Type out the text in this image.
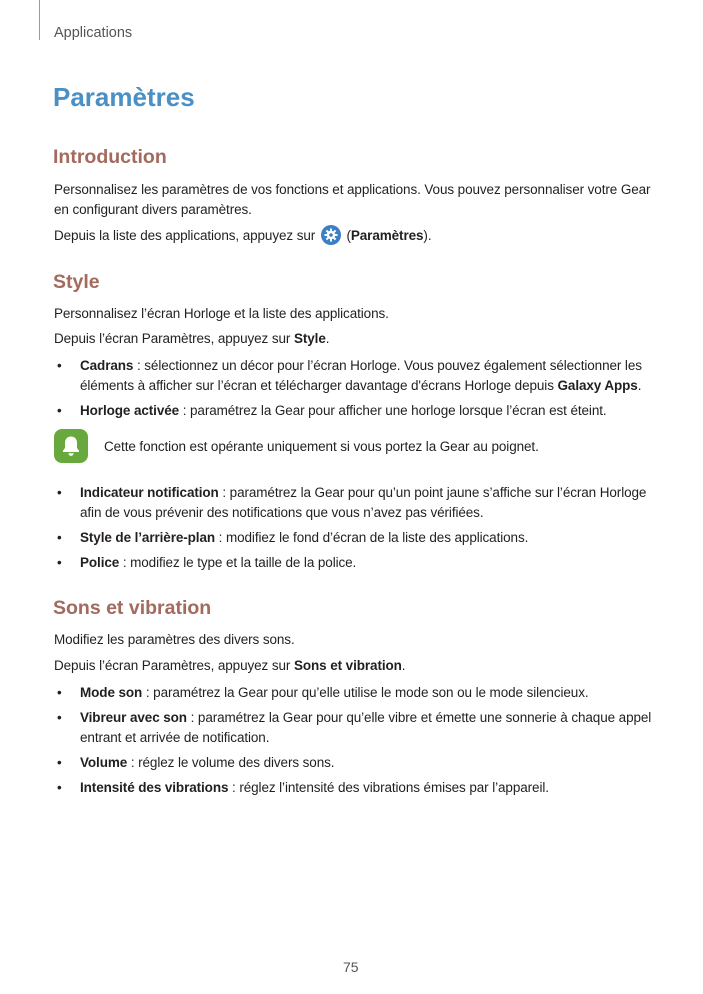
Applications
Paramètres
Introduction

Personnalisez les paramètres de vos fonctions et applications. Vous pouvez personnaliser votre Gear en configurant divers paramètres.

Depuis la liste des applications, appuyez sur
(Paramètres).

Style

Personnalisez l’écran Horloge et la liste des applications.

Depuis l’écran Paramètres, appuyez sur Style.

• Cadrans : sélectionnez un décor pour l’écran Horloge. Vous pouvez également sélectionner les éléments à afficher sur l’écran et télécharger davantage d'écrans Horloge depuis Galaxy Apps.
• Horloge activée : paramétrez la Gear pour afficher une horloge lorsque l’écran est éteint.
Cette fonction est opérante uniquement si vous portez la Gear au poignet.
• Indicateur notification : paramétrez la Gear pour qu’un point jaune s’affiche sur l’écran Horloge afin de vous prévenir des notifications que vous n’avez pas vérifiées.
• Style de l’arrière-plan : modifiez le fond d’écran de la liste des applications.
• Police : modifiez le type et la taille de la police.
Sons et vibration

Modifiez les paramètres des divers sons.

Depuis l’écran Paramètres, appuyez sur Sons et vibration.

• Mode son : paramétrez la Gear pour qu’elle utilise le mode son ou le mode silencieux.
• Vibreur avec son : paramétrez la Gear pour qu’elle vibre et émette une sonnerie à chaque appel entrant et arrivée de notification.
• Volume : réglez le volume des divers sons.
• Intensité des vibrations : réglez l’intensité des vibrations émises par l’appareil.
75
